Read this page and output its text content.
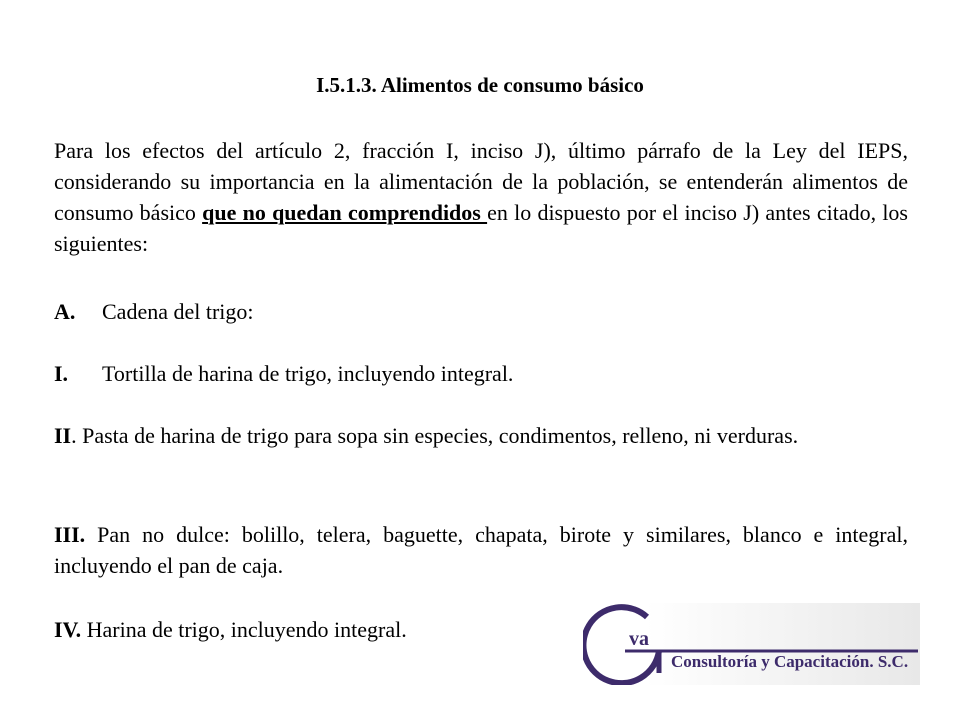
I.5.1.3. Alimentos de consumo básico
Para los efectos del artículo 2, fracción I, inciso J), último párrafo de la Ley del IEPS, considerando su importancia en la alimentación de la población, se entenderán alimentos de consumo básico que no quedan comprendidos en lo dispuesto por el inciso J) antes citado, los siguientes:
A. Cadena del trigo:
I. Tortilla de harina de trigo, incluyendo integral.
II. Pasta de harina de trigo para sopa sin especies, condimentos, relleno, ni verduras.
III. Pan no dulce: bolillo, telera, baguette, chapata, birote y similares, blanco e integral, incluyendo el pan de caja.
IV. Harina de trigo, incluyendo integral.	va
Consultoría y Capacitación. S.C.
